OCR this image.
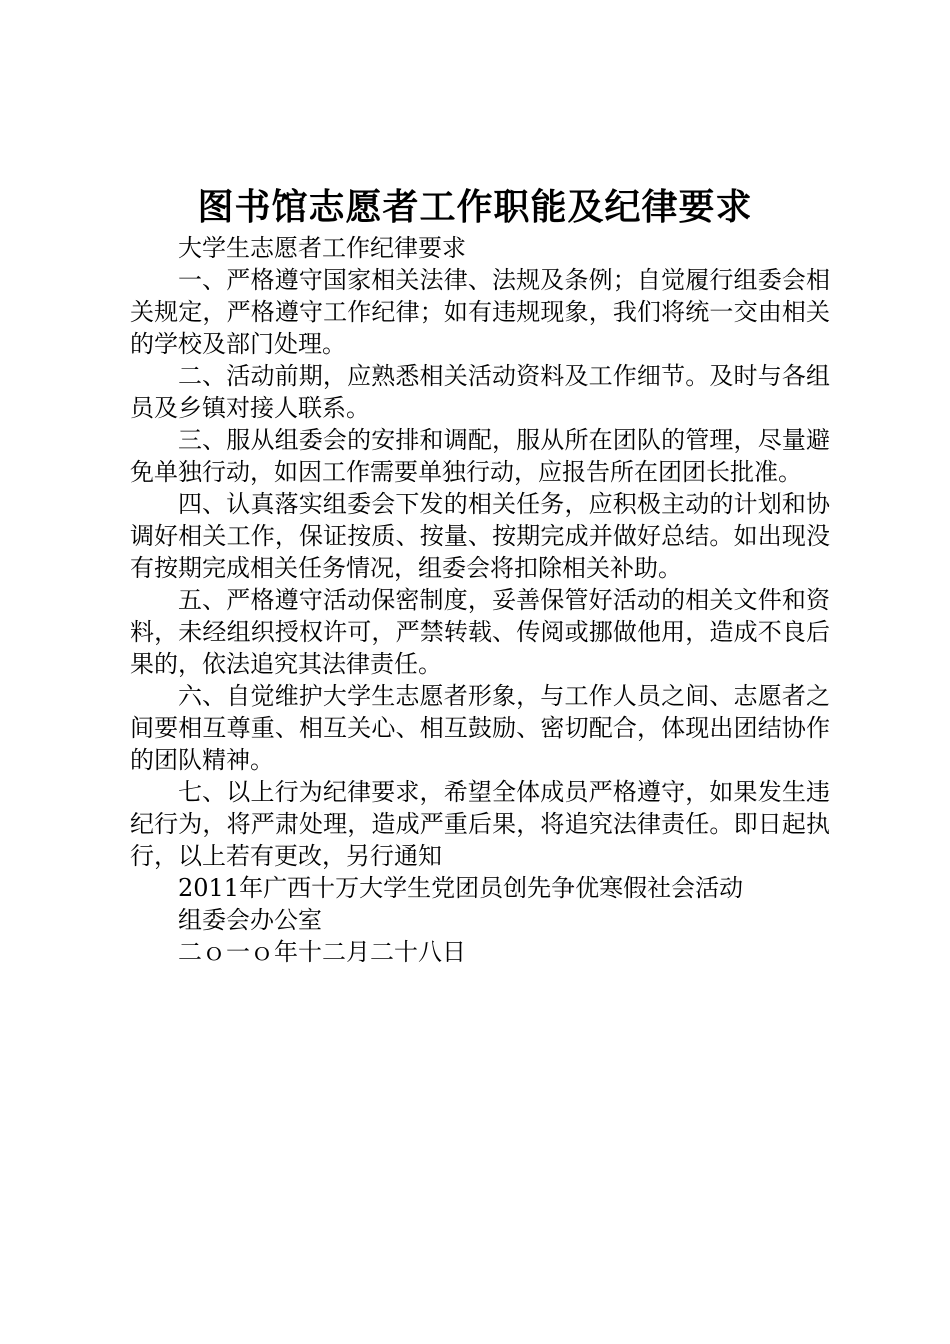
图书馆志愿者工作职能及纪律要求

大学生志愿者工作纪律要求

一、严格遵守国家相关法律、法规及条例；自觉履行组委会相关规定，严格遵守工作纪律；如有违规现象，我们将统一交由相关的学校及部门处理。

二、活动前期，应熟悉相关活动资料及工作细节。及时与各组员及乡镇对接人联系。

三、服从组委会的安排和调配，服从所在团队的管理，尽量避免单独行动，如因工作需要单独行动，应报告所在团团长批准。

四、认真落实组委会下发的相关任务，应积极主动的计划和协调好相关工作，保证按质、按量、按期完成并做好总结。如出现没有按期完成相关任务情况，组委会将扣除相关补助。

五、严格遵守活动保密制度，妥善保管好活动的相关文件和资料，未经组织授权许可，严禁转载、传阅或挪做他用，造成不良后果的，依法追究其法律责任。

六、自觉维护大学生志愿者形象，与工作人员之间、志愿者之间要相互尊重、相互关心、相互鼓励、密切配合，体现出团结协作的团队精神。

七、以上行为纪律要求，希望全体成员严格遵守，如果发生违纪行为，将严肃处理，造成严重后果，将追究法律责任。即日起执行，以上若有更改，另行通知

2011年广西十万大学生党团员创先争优寒假社会活动

组委会办公室

二ｏ一ｏ年十二月二十八日
